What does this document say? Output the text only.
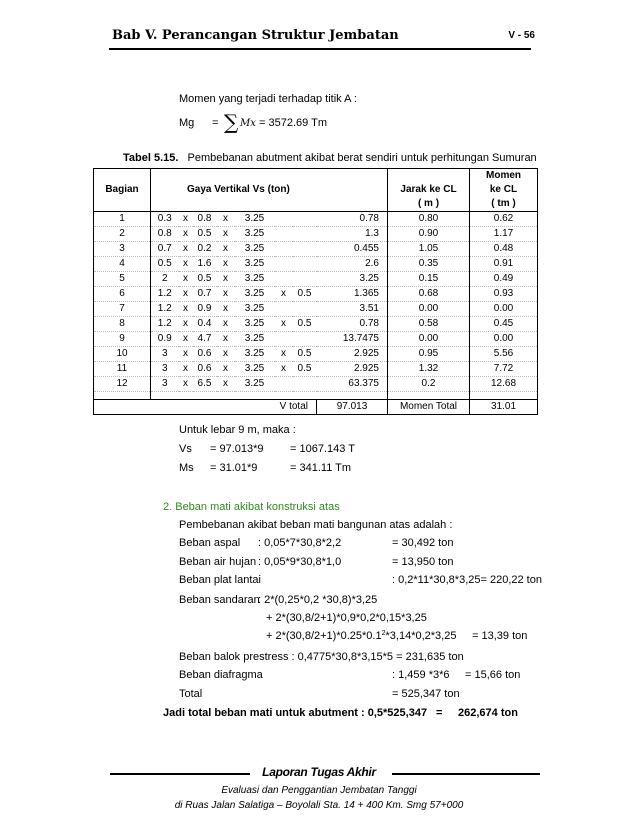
Bab V. Perancangan Struktur Jembatan	V - 56
Momen yang terjadi terhadap titik A :
Mg = ∑ Mx = 3572.69 Tm
Tabel 5.15. Pembebanan abutment akibat berat sendiri untuk perhitungan Sumuran
										Momen
Bagian	Gaya Vertikal Vs (ton)								Jarak ke CL	ke CL
									( m )	( tm )
1	0.3	x	0.8	x	3.25			0.78	0.80	0.62
2	0.8	x	0.5	x	3.25			1.3	0.90	1.17
3	0.7	x	0.2	x	3.25			0.455	1.05	0.48
4	0.5	x	1.6	x	3.25			2.6	0.35	0.91
5	2	x	0.5	x	3.25			3.25	0.15	0.49
6	1.2	x	0.7	x	3.25	x	0.5	1.365	0.68	0.93
7	1.2	x	0.9	x	3.25			3.51	0.00	0.00
8	1.2	x	0.4	x	3.25	x	0.5	0.78	0.58	0.45
9	0.9	x	4.7	x	3.25			13.7475	0.00	0.00
10	3	x	0.6	x	3.25	x	0.5	2.925	0.95	5.56
11	3	x	0.6	x	3.25	x	0.5	2.925	1.32	7.72
12	3	x	6.5	x	3.25			63.375	0.2	12.68

V total								97.013	Momen Total	31.01
Untuk lebar 9 m, maka :
Vs = 97.013*9 = 1067.143 T
Ms = 31.01*9	= 341.11 Tm
2. Beban mati akibat konstruksi atas
Pembebanan akibat beban mati bangunan atas adalah :
Beban aspal : 0,05*7*30,8*2,2	= 30,492 ton
Beban air hujan : 0,05*9*30,8*1,0	= 13,950 ton
Beban plat lantai	: 0,2*11*30,8*3,25= 220,22 ton
Beban sandaran
: 2*(0,25*0,2 *30,8)*3,25
+ 2*(30,8/2+1)*0,9*0,2*0,15*3,25
+ $2*(30,8/2+1)*0.25*0.1^2*3,14*0,2*3,25 = 13,39$ ton
Beban balok prestress : 0,4775*30,8*3,15*5 = 231,635 ton
Beban diafragma	: 1,459 *3*6 = 15,66 ton
Total	= 525,347 ton
Jadi total beban mati untuk abutment : 0,5*525,347 = 262,674 ton
Laporan Tugas Akhir
Evaluasi dan Penggantian Jembatan Tanggi
di Ruas Jalan Salatiga – Boyolali Sta. 14 + 400 Km. Smg 57+000
